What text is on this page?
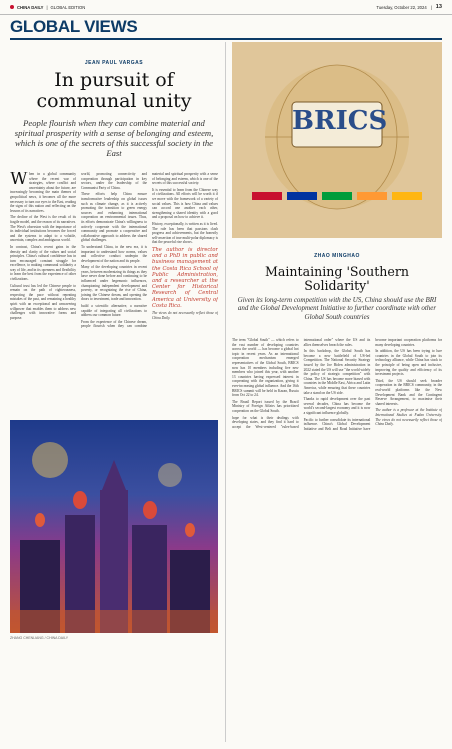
CHINA DAILY | GLOBAL EDITION	Tuesday, October 22, 2024 | 13
GLOBAL VIEWS
JEAN PAUL VARGAS
In pursuit of communal unity
People flourish when they can combine material and spiritual prosperity with a sense of belonging and esteem, which is one of the secrets of this successful society in the East

When in a global community where the recent war of strategies, where conflict and uncertainty about the future, are increasingly becoming the main themes of geopolitical news, it becomes all the more necessary to turn our eyes to the East, reading the signs of this nation and reflecting on the lessons of its narratives.

The decline of the West is the result of its fragile model, and the reason of its narratives. The West's obsession with the importance of its individual institutions becomes the forced and the systems to adapt to a volatile, uncertain, complex and ambiguous world.

In contrast, China's recent gains in the density and clarity of the values and social principles. China's cultural confidence has in turn encouraged constant struggle for excellence, to making communal solidarity a way of life, and in its openness and flexibility to learn the best from the experience of other civilizations.

Cultural trust has led the Chinese people to remain on the path of righteousness, respecting the pace without repeating mistakes of the past, and remaining a healthy spirit with an exceptional and unwavering willpower that enables them to address new challenges with innovative forms and purpose.

world, promoting connectivity and cooperation through participation in key sectors, under the leadership of the Communist Party of China.

These efforts help China ensure transformative leadership on global issues such as climate change, as it is actively promoting the transition to green energy sources and enhancing international cooperation on environmental issues. Thus, its efforts demonstrate China's willingness to actively cooperate with the international community and promote a cooperative and collaborative approach to address the shared global challenges.

To understand China, in the new era, it is important to understand how norms, values and collective conduct underpin the development of the nation and its people.

Many of the developing countries in recent years, between modernizing its things as they have never done before and continuing to be influenced under hegemonic influences, championing independent development and poverty, or recognizing the rise of China, joining the Chinese dream, and opening the doors to investment, trade and innovation.

build a scientific alternative, a narrative capable of integrating all civilizations to address our common future.

From the experience of the Chinese dream, people flourish when they can combine material and spiritual prosperity with a sense of belonging and esteem, which is one of the secrets of this successful society.

It is essential to learn from the Chinese way of civilizations. All efforts will be worth it if we move with the framework of a variety of social values. This is how China and values can accord one another each other, strengthening a shared identity with a good and a proposal on how to achieve it.

History, exceptionally, is written as it is lived. The rule has been that passions clash progress and achievements, but the honestly self-assertion of true multi-polar diplomacy is that the peaceful rise shows.

The author is director and a PhD in public and business management at the Costa Rica School of Public Administration, and a researcher at the Center for Historical Research of Central America at University of Costa Rica.

The views do not necessarily reflect those of China Daily.

ZHANG CHENLIANG / CHINA DAILY
BRICS
ZHAO MINGHAO
Maintaining 'Southern Solidarity'
Given its long-term competition with the US, China should use the BRI and the Global Development Initiative to further coordinate with other Global South countries

The term "Global South" — which refers to the vast number of developing countries across the world — has become a global hot topic in recent years. As an international cooperation mechanism emerged representatives of the Global South, BRICS now has 10 members including five new members who joined this year, with another 13 countries having expressed interest in cooperating with the organization, giving it ever-increasing global influence. And the 16th BRICS summit will be held in Kazan, Russia from Oct 22 to 24.

The Brazil Report issued by the Brazil Ministry of Foreign Affairs has prioritized cooperation on the Global South.

hope for what is their dealings with developing states, and they find it hard to accept the West-centered "rules-based international order" where the US and its allies themselves breach the rules.

In this backdrop, the Global South has become a new battlefield of US-led Competition. The National Security Strategy issued by the Joe Biden administration in 2022 stated the US will use "the world widely the policy of strategic competition" with China. The US has become more biased with countries in the Middle East, Africa and Latin America, while ensuring that these countries take a stand on the US side.

Thanks to rapid development over the past several decades, China has become the world's second-largest economy and it is now a significant influence globally.

Pacific to further consolidate its international influence. China's Global Development Initiative and Belt and Road Initiative have become important cooperation platforms for many developing countries.

In addition, the US has been trying to lure countries in the Global South to join its technology alliance, while China has stuck to the principle of being open and inclusive, improving the quality and efficiency of its investment projects.

Third, the US should seek broader cooperation in the BRICS community, in the real-world platforms like the New Development Bank and the Contingent Reserve Arrangement, to maximise their shared interests.

The author is a professor at the Institute of International Studies at Fudan University. The views do not necessarily reflect those of China Daily.
